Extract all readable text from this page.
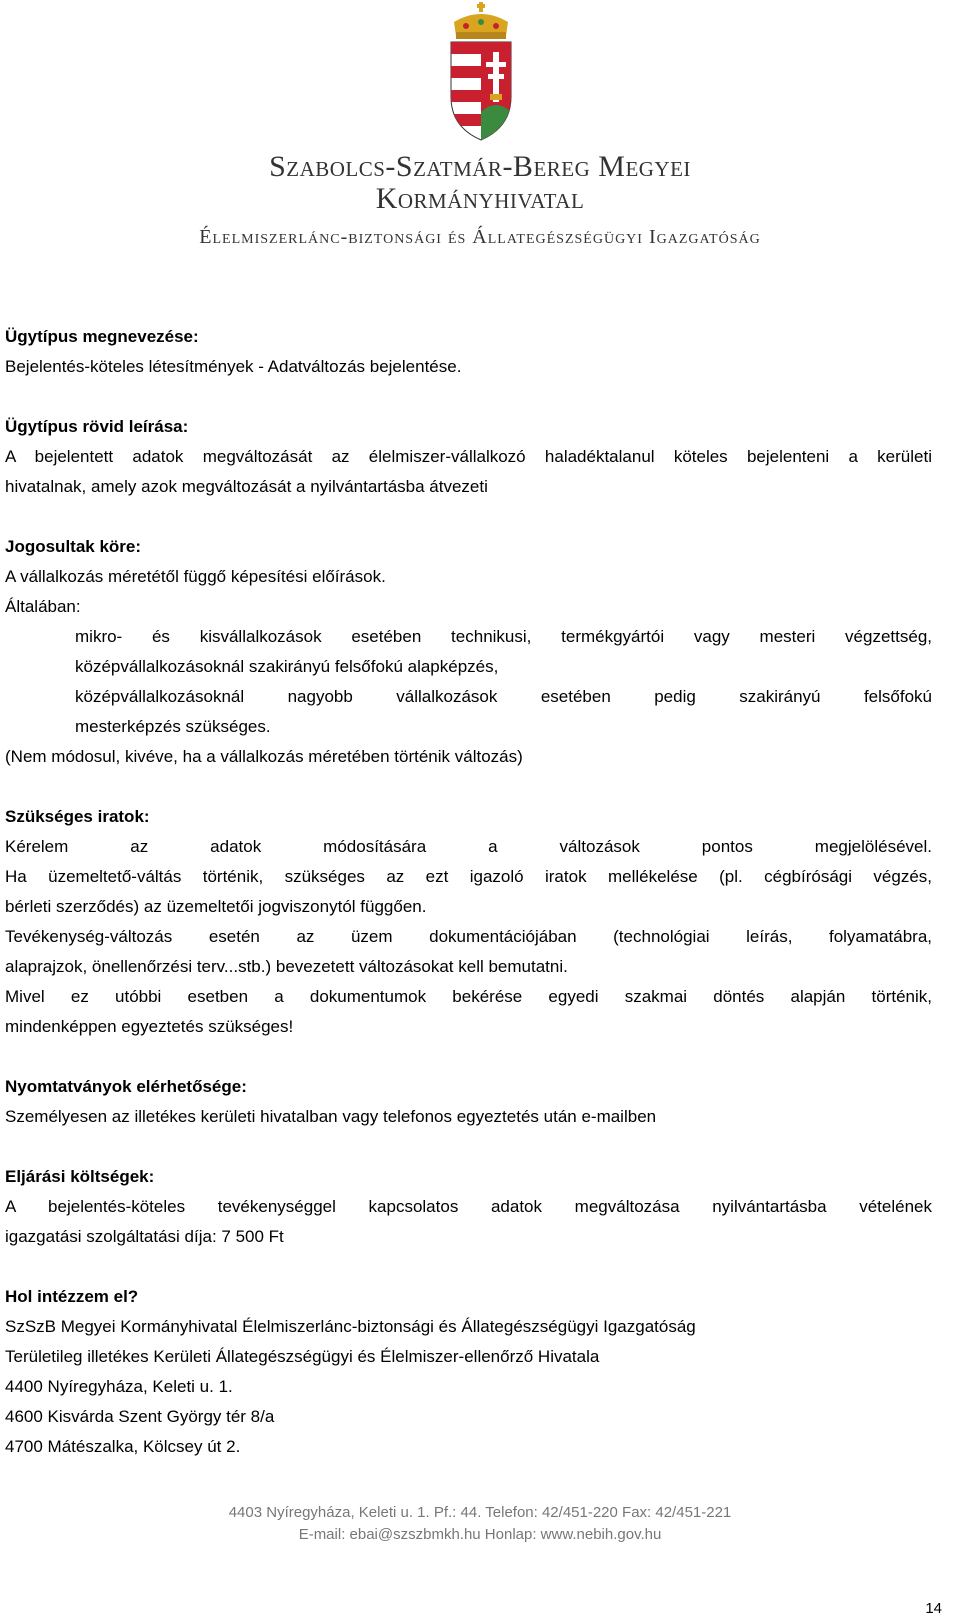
Szabolcs-Szatmár-Bereg Megyei
Kormányhivatal
Élelmiszerlánc-biztonsági és Állategészségügyi Igazgatóság

Ügytípus megnevezése:

Bejelentés-köteles létesítmények - Adatváltozás bejelentése.

Ügytípus rövid leírása:

A bejelentett adatok megváltozását az élelmiszer-vállalkozó haladéktalanul köteles bejelenteni a kerületi

hivatalnak, amely azok megváltozását a nyilvántartásba átvezeti

Jogosultak köre:

A vállalkozás méretétől függő képesítési előírások.

Általában:

mikro- és kisvállalkozások esetében technikusi, termékgyártói vagy mesteri végzettség,

középvállalkozásoknál szakirányú felsőfokú alapképzés,

középvállalkozásoknál nagyobb vállalkozások esetében pedig szakirányú felsőfokú

mesterképzés szükséges.

(Nem módosul, kivéve, ha a vállalkozás méretében történik változás)

Szükséges iratok:

Kérelem az adatok módosítására a változások pontos megjelölésével.

Ha üzemeltető-váltás történik, szükséges az ezt igazoló iratok mellékelése (pl. cégbírósági végzés,

bérleti szerződés) az üzemeltetői jogviszonytól függően.

Tevékenység-változás esetén az üzem dokumentációjában (technológiai leírás, folyamatábra,

alaprajzok, önellenőrzési terv...stb.) bevezetett változásokat kell bemutatni.

Mivel ez utóbbi esetben a dokumentumok bekérése egyedi szakmai döntés alapján történik,

mindenképpen egyeztetés szükséges!

Nyomtatványok elérhetősége:

Személyesen az illetékes kerületi hivatalban vagy telefonos egyeztetés után e-mailben

Eljárási költségek:

A bejelentés-köteles tevékenységgel kapcsolatos adatok megváltozása nyilvántartásba vételének

igazgatási szolgáltatási díja: 7 500 Ft

Hol intézzem el?

SzSzB Megyei Kormányhivatal Élelmiszerlánc-biztonsági és Állategészségügyi Igazgatóság

Területileg illetékes Kerületi Állategészségügyi és Élelmiszer-ellenőrző Hivatala

4400 Nyíregyháza, Keleti u. 1.

4600 Kisvárda Szent György tér 8/a

4700 Mátészalka, Kölcsey út 2.

4403 Nyíregyháza, Keleti u. 1. Pf.: 44. Telefon: 42/451-220 Fax: 42/451-221
E-mail: ebai@szszbmkh.hu Honlap: www.nebih.gov.hu
14
